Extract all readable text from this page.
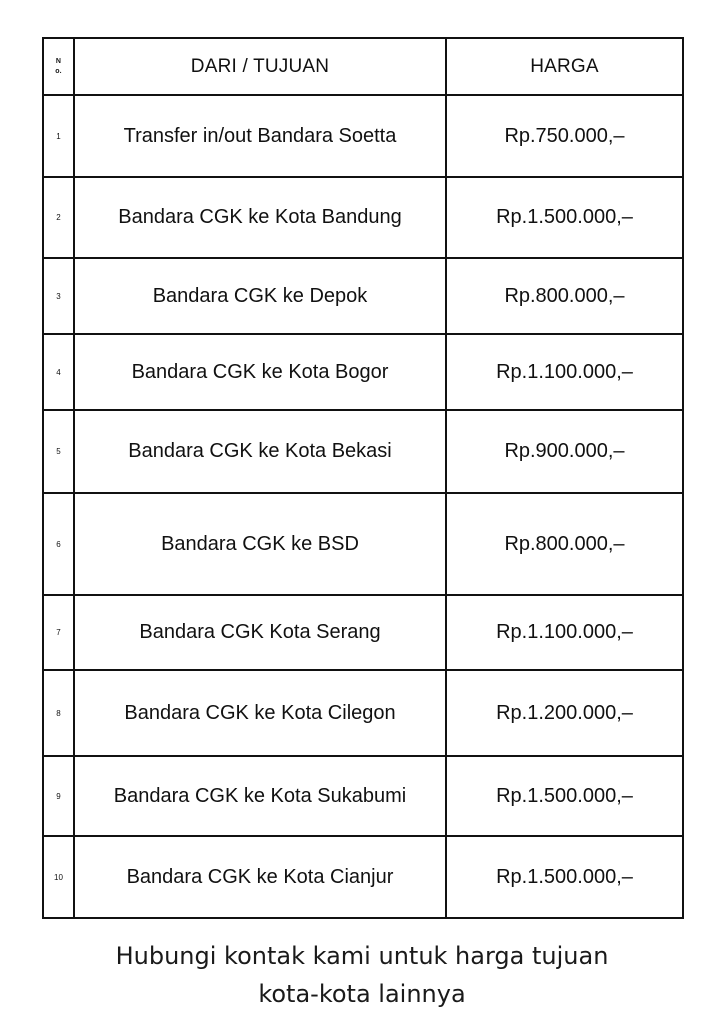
N
o.	DARI / TUJUAN	HARGA
1	Transfer in/out Bandara Soetta	Rp.750.000,–
2	Bandara CGK ke Kota Bandung	Rp.1.500.000,–
3	Bandara CGK ke Depok	Rp.800.000,–
4	Bandara CGK ke Kota Bogor	Rp.1.100.000,–
5	Bandara CGK ke Kota Bekasi	Rp.900.000,–
6	Bandara CGK ke BSD	Rp.800.000,–
7	Bandara CGK Kota Serang	Rp.1.100.000,–
8	Bandara CGK ke Kota Cilegon	Rp.1.200.000,–
9	Bandara CGK ke Kota Sukabumi	Rp.1.500.000,–
10	Bandara CGK ke Kota Cianjur	Rp.1.500.000,–
Hubungi kontak kami untuk harga tujuan
kota-kota lainnya
